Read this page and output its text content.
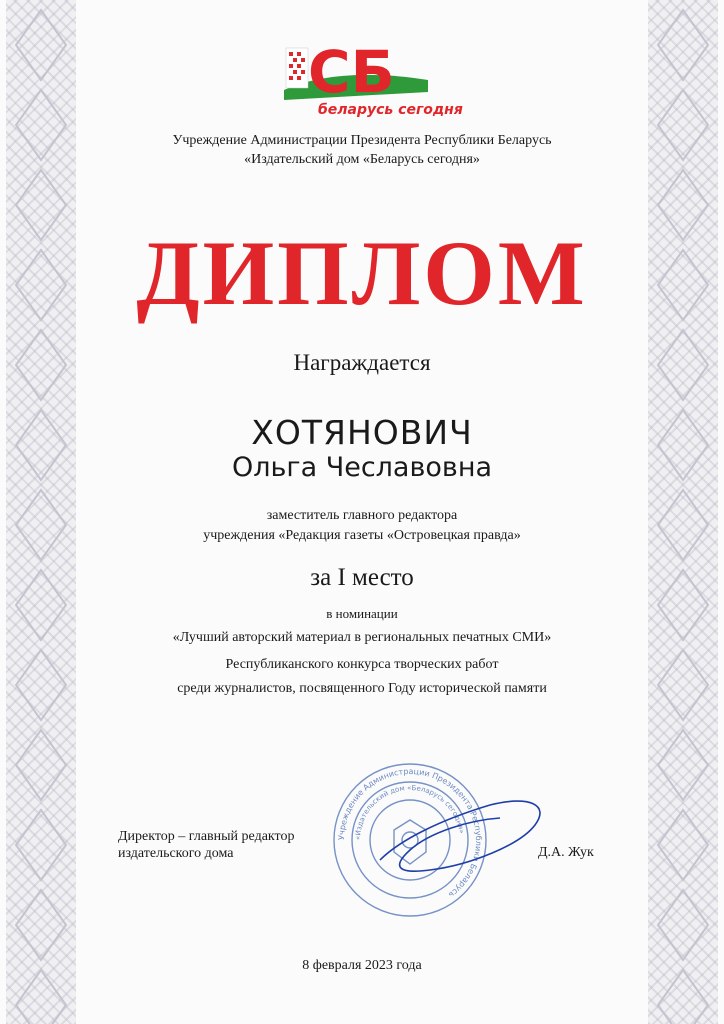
СБ
беларусь сегодня
Учреждение Администрации Президента Республики Беларусь
«Издательский дом «Беларусь сегодня»
ДИПЛОМ
Награждается
ХОТЯНОВИЧ
Ольга Чеславовна
заместитель главного редактора
учреждения «Редакция газеты «Островецкая правда»
за I место
в номинации
«Лучший авторский материал в региональных печатных СМИ»
Республиканского конкурса творческих работ
среди журналистов, посвященного Году исторической памяти
Учреждение Администрации Президента Республики Беларусь
«Издательский дом «Беларусь сегодня»
Директор – главный редактор
издательского дома	Д.А. Жук
8 февраля 2023 года
